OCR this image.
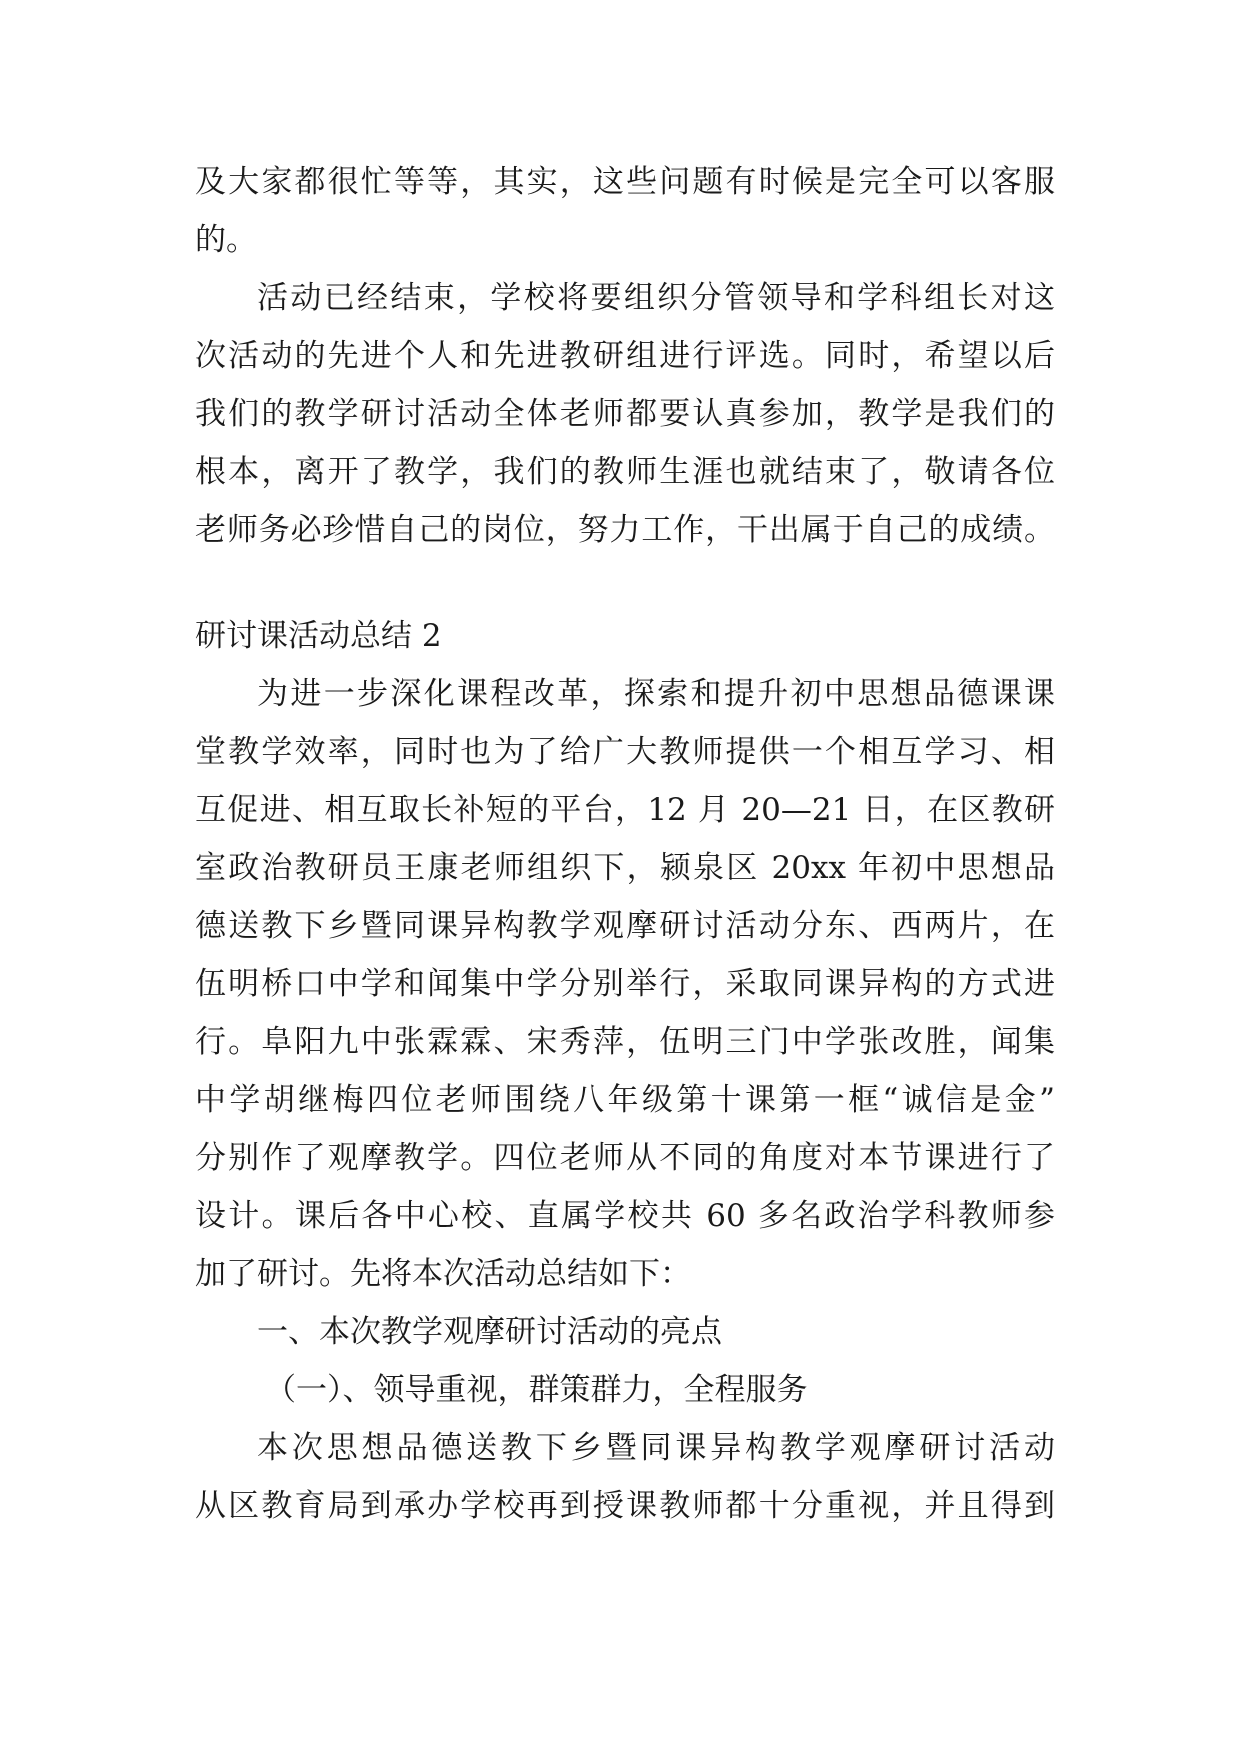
及大家都很忙等等，其实，这些问题有时候是完全可以客服
的。
活动已经结束，学校将要组织分管领导和学科组长对这
次活动的先进个人和先进教研组进行评选。同时，希望以后
我们的教学研讨活动全体老师都要认真参加，教学是我们的
根本，离开了教学，我们的教师生涯也就结束了，敬请各位
老师务必珍惜自己的岗位，努力工作，干出属于自己的成绩。
研讨课活动总结 2
为进一步深化课程改革，探索和提升初中思想品德课课
堂教学效率，同时也为了给广大教师提供一个相互学习、相
互促进、相互取长补短的平台，12 月 20—21 日，在区教研
室政治教研员王康老师组织下，颍泉区 20xx 年初中思想品
德送教下乡暨同课异构教学观摩研讨活动分东、西两片，在
伍明桥口中学和闻集中学分别举行，采取同课异构的方式进
行。阜阳九中张霖霖、宋秀萍，伍明三门中学张改胜，闻集
中学胡继梅四位老师围绕八年级第十课第一框“诚信是金”
分别作了观摩教学。四位老师从不同的角度对本节课进行了
设计。课后各中心校、直属学校共 60 多名政治学科教师参
加了研讨。先将本次活动总结如下：
一、本次教学观摩研讨活动的亮点
（一）、领导重视，群策群力，全程服务
本次思想品德送教下乡暨同课异构教学观摩研讨活动
从区教育局到承办学校再到授课教师都十分重视，并且得到
